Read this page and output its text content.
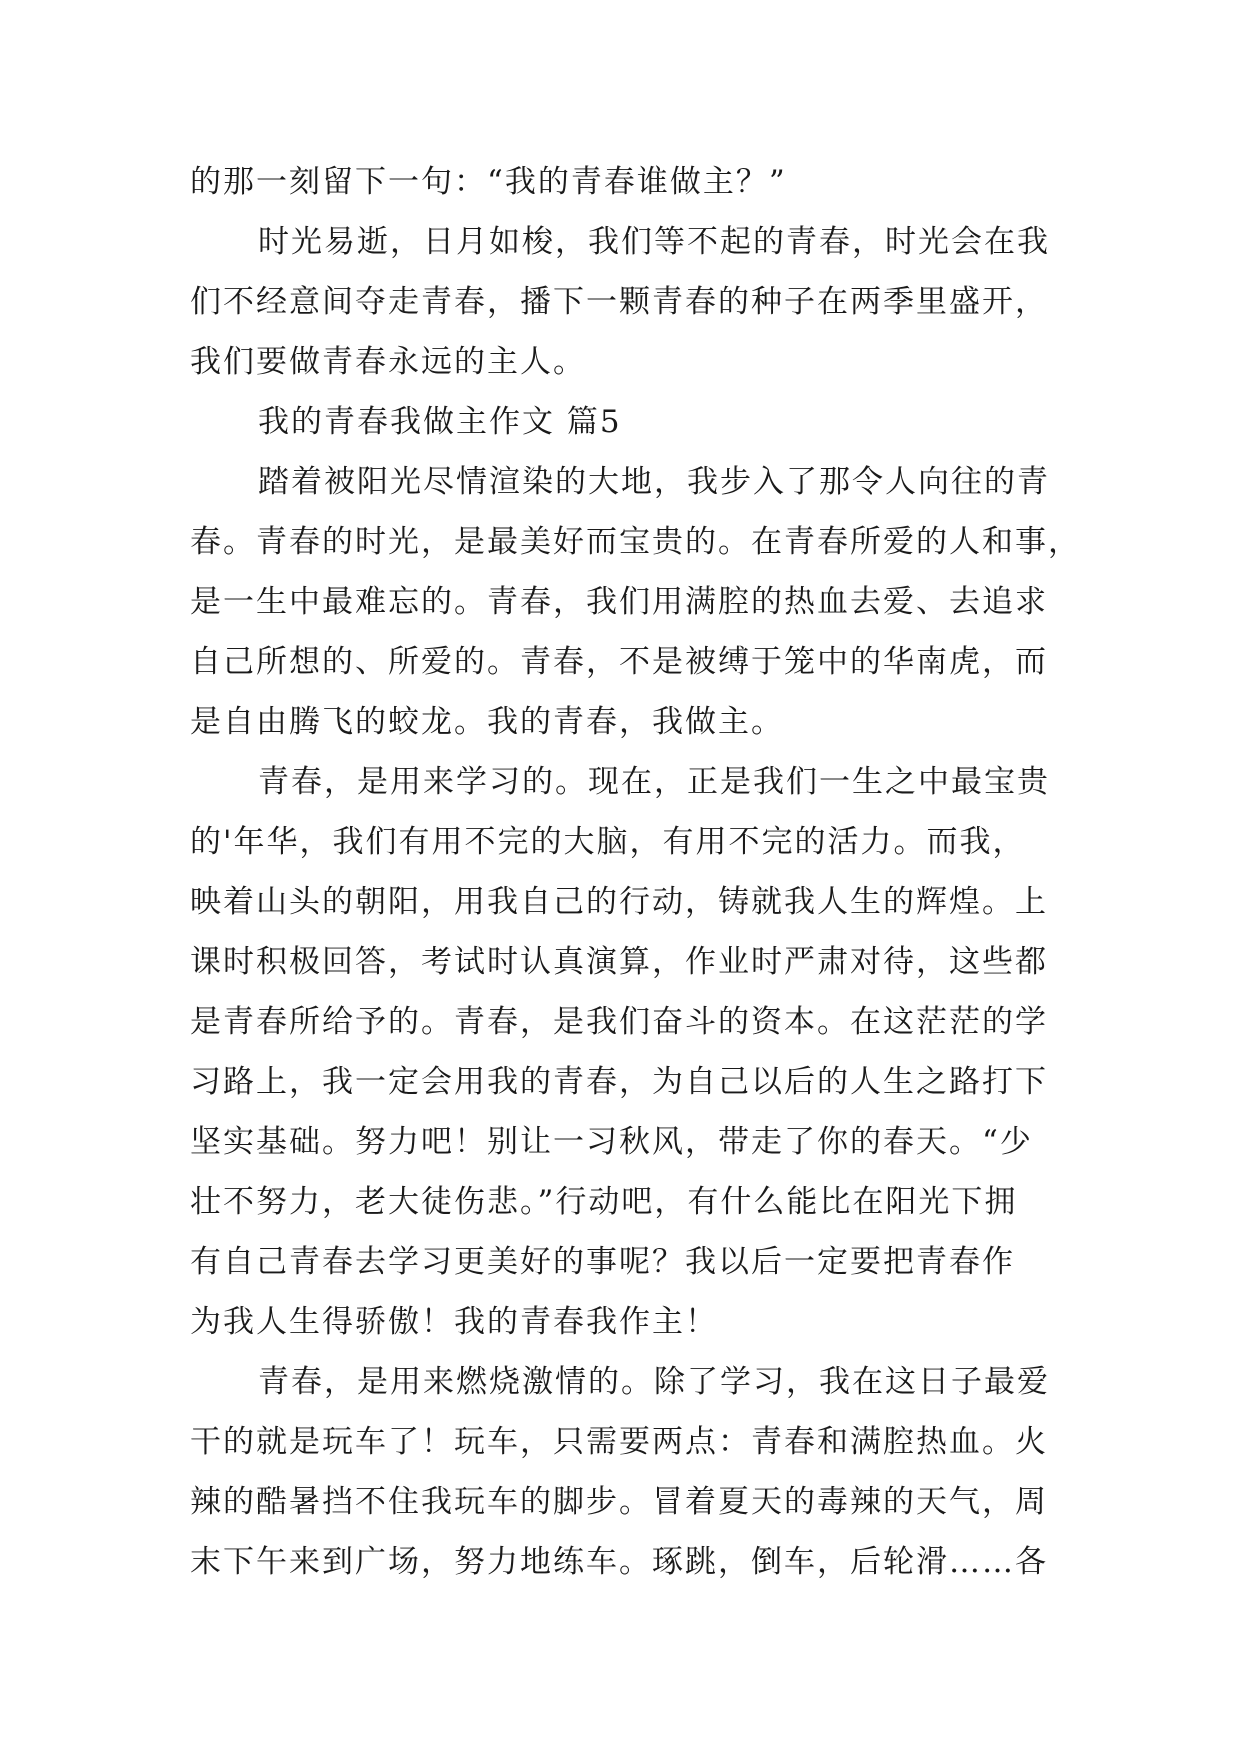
的那一刻留下一句：“我的青春谁做主？”
时光易逝，日月如梭，我们等不起的青春，时光会在我
们不经意间夺走青春，播下一颗青春的种子在两季里盛开，
我们要做青春永远的主人。
我的青春我做主作文 篇5
踏着被阳光尽情渲染的大地，我步入了那令人向往的青
春。青春的时光，是最美好而宝贵的。在青春所爱的人和事，
是一生中最难忘的。青春，我们用满腔的热血去爱、去追求
自己所想的、所爱的。青春，不是被缚于笼中的华南虎，而
是自由腾飞的蛟龙。我的青春，我做主。
青春，是用来学习的。现在，正是我们一生之中最宝贵
的'年华，我们有用不完的大脑，有用不完的活力。而我，
映着山头的朝阳，用我自己的行动，铸就我人生的辉煌。上
课时积极回答，考试时认真演算，作业时严肃对待，这些都
是青春所给予的。青春，是我们奋斗的资本。在这茫茫的学
习路上，我一定会用我的青春，为自己以后的人生之路打下
坚实基础。努力吧！别让一习秋风，带走了你的春天。“少
壮不努力，老大徒伤悲。”行动吧，有什么能比在阳光下拥
有自己青春去学习更美好的事呢？我以后一定要把青春作
为我人生得骄傲！我的青春我作主！
青春，是用来燃烧激情的。除了学习，我在这日子最爱
干的就是玩车了！玩车，只需要两点：青春和满腔热血。火
辣的酷暑挡不住我玩车的脚步。冒着夏天的毒辣的天气，周
末下午来到广场，努力地练车。琢跳，倒车，后轮滑……各
